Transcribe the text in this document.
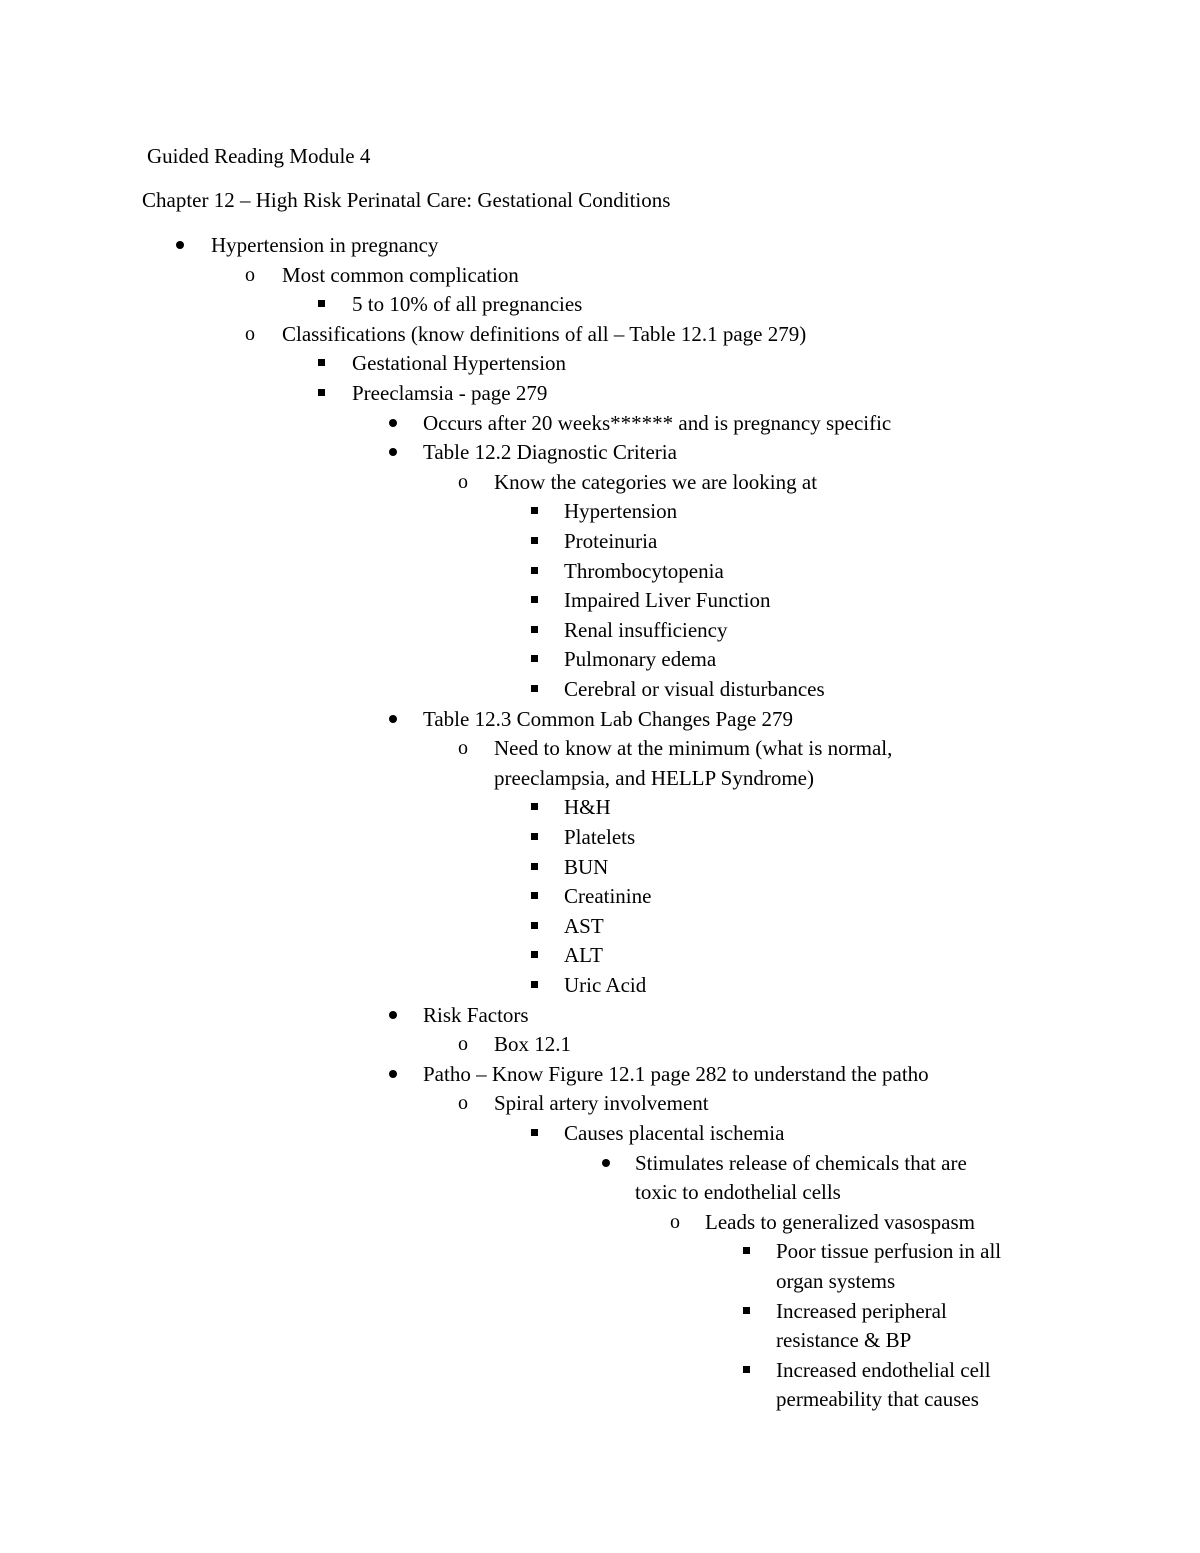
Guided Reading Module 4
Chapter 12 – High Risk Perinatal Care: Gestational Conditions
Hypertension in pregnancy
o Most common complication
5 to 10% of all pregnancies
o Classifications (know definitions of all – Table 12.1 page 279)
Gestational Hypertension
Preeclamsia - page 279
Occurs after 20 weeks****** and is pregnancy specific
Table 12.2 Diagnostic Criteria
o Know the categories we are looking at
Hypertension
Proteinuria
Thrombocytopenia
Impaired Liver Function
Renal insufficiency
Pulmonary edema
Cerebral or visual disturbances
Table 12.3 Common Lab Changes Page 279
o Need to know at the minimum (what is normal,
preeclampsia, and HELLP Syndrome)
H&H
Platelets
BUN
Creatinine
AST
ALT
Uric Acid
Risk Factors
o Box 12.1
Patho – Know Figure 12.1 page 282 to understand the patho
o Spiral artery involvement
Causes placental ischemia
Stimulates release of chemicals that are
toxic to endothelial cells
o Leads to generalized vasospasm
Poor tissue perfusion in all
organ systems
Increased peripheral
resistance & BP
Increased endothelial cell
permeability that causes
